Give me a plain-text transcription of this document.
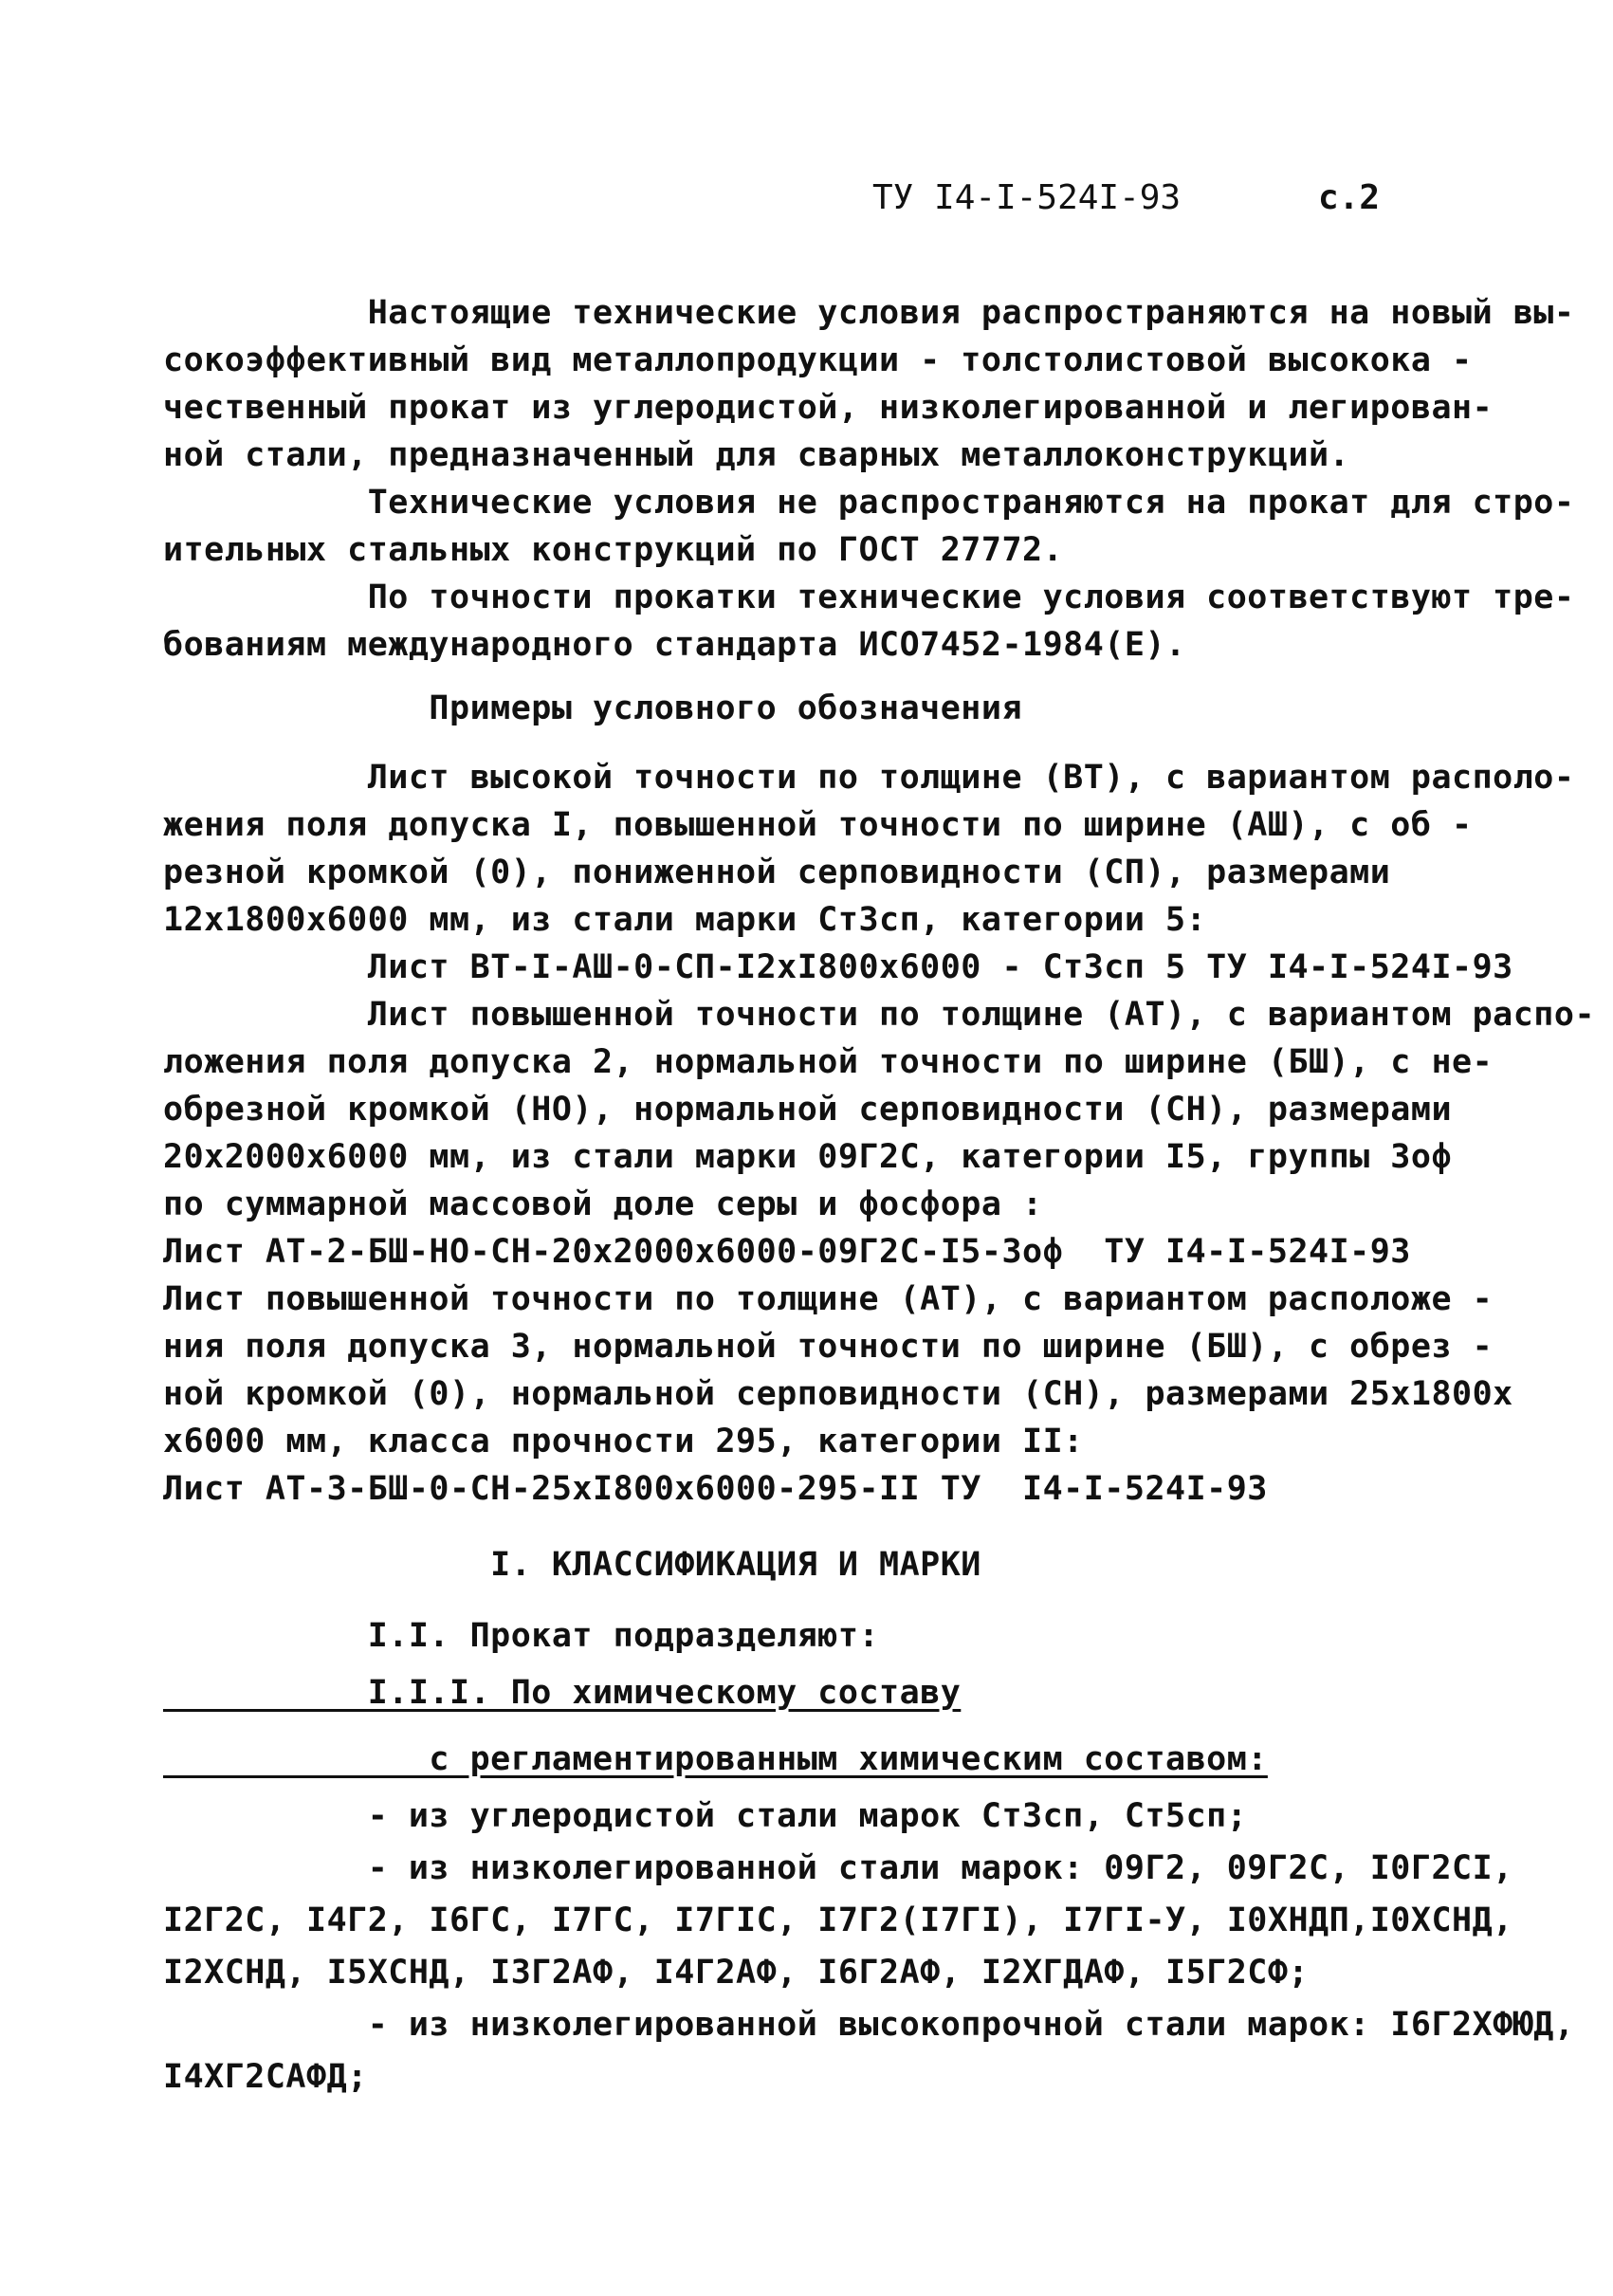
ТУ I4-I-524I-93	с.2
Настоящие технические условия распространяются на новый вы-
сокоэффективный вид металлопродукции - толстолистовой высокока -
чественный прокат из углеродистой, низколегированной и легирован-
ной стали, предназначенный для сварных металлоконструкций.
Технические условия не распространяются на прокат для стро-
ительных стальных конструкций по ГОСТ 27772.
По точности прокатки технические условия соответствуют тре-
бованиям международного стандарта ИСО7452-1984(Е).
Примеры условного обозначения
Лист высокой точности по толщине (ВТ), с вариантом располо-
жения поля допуска I, повышенной точности по ширине (АШ), с об -
резной кромкой (0), пониженной серповидности (СП), размерами
12х1800х6000 мм, из стали марки Ст3сп, категории 5:
Лист ВТ-I-АШ-0-СП-I2хI800х6000 - Ст3сп 5 ТУ I4-I-524I-93
Лист повышенной точности по толщине (АТ), с вариантом распо-
ложения поля допуска 2, нормальной точности по ширине (БШ), с не-
обрезной кромкой (НО), нормальной серповидности (СН), размерами
20х2000х6000 мм, из стали марки 09Г2С, категории I5, группы 3оф
по суммарной массовой доле серы и фосфора :
Лист АТ-2-БШ-НО-СН-20х2000х6000-09Г2С-I5-3оф  ТУ I4-I-524I-93
Лист повышенной точности по толщине (АТ), с вариантом расположе -
ния поля допуска 3, нормальной точности по ширине (БШ), с обрез -
ной кромкой (0), нормальной серповидности (СН), размерами 25х1800х
х6000 мм, класса прочности 295, категории II:
Лист АТ-3-БШ-0-СН-25хI800х6000-295-II ТУ  I4-I-524I-93
I. КЛАССИФИКАЦИЯ И МАРКИ
I.I. Прокат подразделяют:
I.I.I. По химическому составу
с регламентированным химическим составом:
- из углеродистой стали марок Ст3сп, Ст5сп;
- из низколегированной стали марок: 09Г2, 09Г2С, I0Г2СI,
I2Г2С, I4Г2, I6ГС, I7ГС, I7ГIС, I7Г2(I7ГI), I7ГI-У, I0ХНДП,I0ХСНД,
I2ХСНД, I5ХСНД, I3Г2АФ, I4Г2АФ, I6Г2АФ, I2ХГДАФ, I5Г2СФ;
- из низколегированной высокопрочной стали марок: I6Г2ХФЮД,
I4ХГ2САФД;
